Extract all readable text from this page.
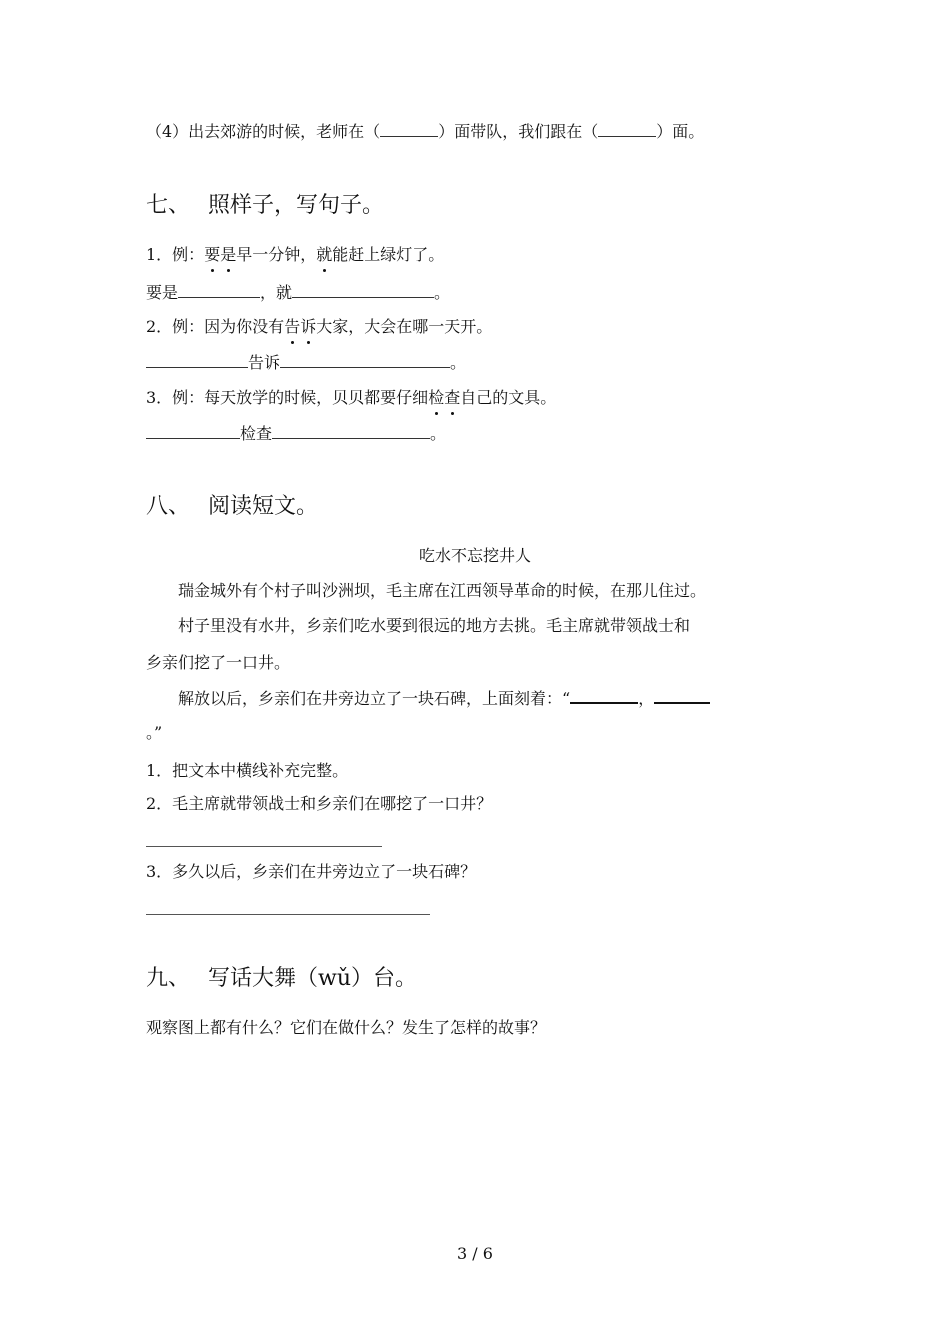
（4）出去郊游的时候，老师在（	）面带队，我们跟在（	）面。
七、 照样子，写句子。
1．例：要是早一分钟，就能赶上绿灯了。
要是	，就	。
2．例：因为你没有告诉大家，大会在哪一天开。
告诉	。
3．例：每天放学的时候，贝贝都要仔细检查自己的文具。
检查	。
八、 阅读短文。
吃水不忘挖井人
瑞金城外有个村子叫沙洲坝，毛主席在江西领导革命的时候，在那儿住过。
村子里没有水井，乡亲们吃水要到很远的地方去挑。毛主席就带领战士和
乡亲们挖了一口井。
解放以后，乡亲们在井旁边立了一块石碑，上面刻着：“	，
。”
1．把文本中横线补充完整。
2．毛主席就带领战士和乡亲们在哪挖了一口井？
3．多久以后，乡亲们在井旁边立了一块石碑？
九、 写话大舞（wǔ）台。
观察图上都有什么？它们在做什么？发生了怎样的故事？
3 / 6
